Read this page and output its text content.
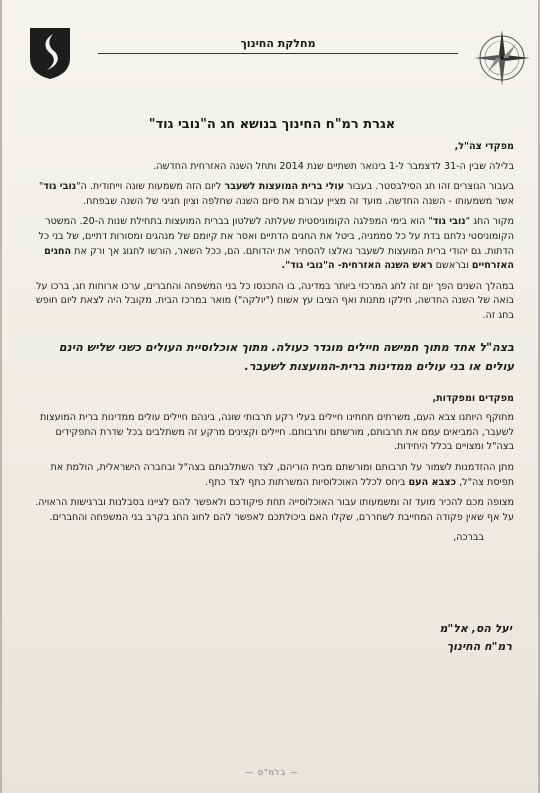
מחלקת החינוך
אגרת רמ"ח החינוך בנושא חג ה"נובי גוד"

מפקדי צה"ל,

בלילה שבין ה-31 לדצמבר ל-1 בינואר תשתיים שנת 2014 ותחל השנה האזרחית החדשה.

בעבור הנוצרים זהו חג הסילבסטר. בעבור עולי ברית המועצות לשעבר ליום הזה משמעות שונה וייחודית. ה"נובי גוד" אשר משמעותו - השנה החדשה. מועד זה מציין עבורם את סיום השנה שחלפה וציון חגיגי של השנה שבפתח.

מקור החג "נובי גוד" הוא בימי המפלגה הקומוניסטית שעלתה לשלטון בברית המועצות בתחילת שנות ה-20. המשטר הקומוניסטי נלחם בדת על כל סממניה, ביטל את החגים הדתיים ואסר את קיומם של מנהגים ומסורות דתיים, של בני כל הדתות. גם יהודי ברית המועצות לשעבר נאלצו להסתיר את יהדותם. הם, ככל השאר, הורשו לחגוג אך ורק את החגים האזרחיים ובראשם ראש השנה האזרחית- ה"נובי גוד".

במהלך השנים הפך יום זה לחג המרכזי ביותר במדינה, בו התכנסו כל בני המשפחה והחברים, ערכו ארוחות חג, ברכו על בואה של השנה החדשה, חילקו מתנות ואף הציבו עץ אשוח ("יולקה") מואר במרכז הבית. מקובל היה לצאת ליום חופש בחג זה.

בצה"ל אחד מתוך חמישה חיילים מוגדר כעולה. מתוך אוכלוסיית העולים כשני שליש הינם עולים או בני עולים ממדינות ברית-המועצות לשעבר.

מפקדים ומפקדות,

מתוקף היותנו צבא העם, משרתים תחתינו חיילים בעלי רקע תרבותי שונה, בינהם חיילים עולים ממדינות ברית המועצות לשעבר, המביאים עמם את תרבותם, מורשתם ותרבותם. חיילים וקצינים מרקע זה משתלבים בכל שדרת התפקידים בצה"ל ומצויים בכלל היחידות.

מתן ההזדמנות לשמור על תרבותם ומורשתם מבית הוריהם, לצד השתלבותם בצה"ל ובחברה הישראלית, הולמת את תפיסת צה"ל, כצבא העם ביחס לכלל האוכלוסיות המשרתות כתף לצד כתף.

מצופה מכם להכיר מועד זה ומשמעותו עבור האוכלוסייה תחת פיקודכם ולאפשר להם לציינו בסבלנות וברגישות הראויה. על אף שאין פקודה המחייבת לשחררם, שקלו האם ביכולתכם לאפשר להם לחוג החג בקרב בני המשפחה והחברים.

בברכה,

יעל הס, אל"מ
רמ"ח החינוך
— בלמ"ס —
